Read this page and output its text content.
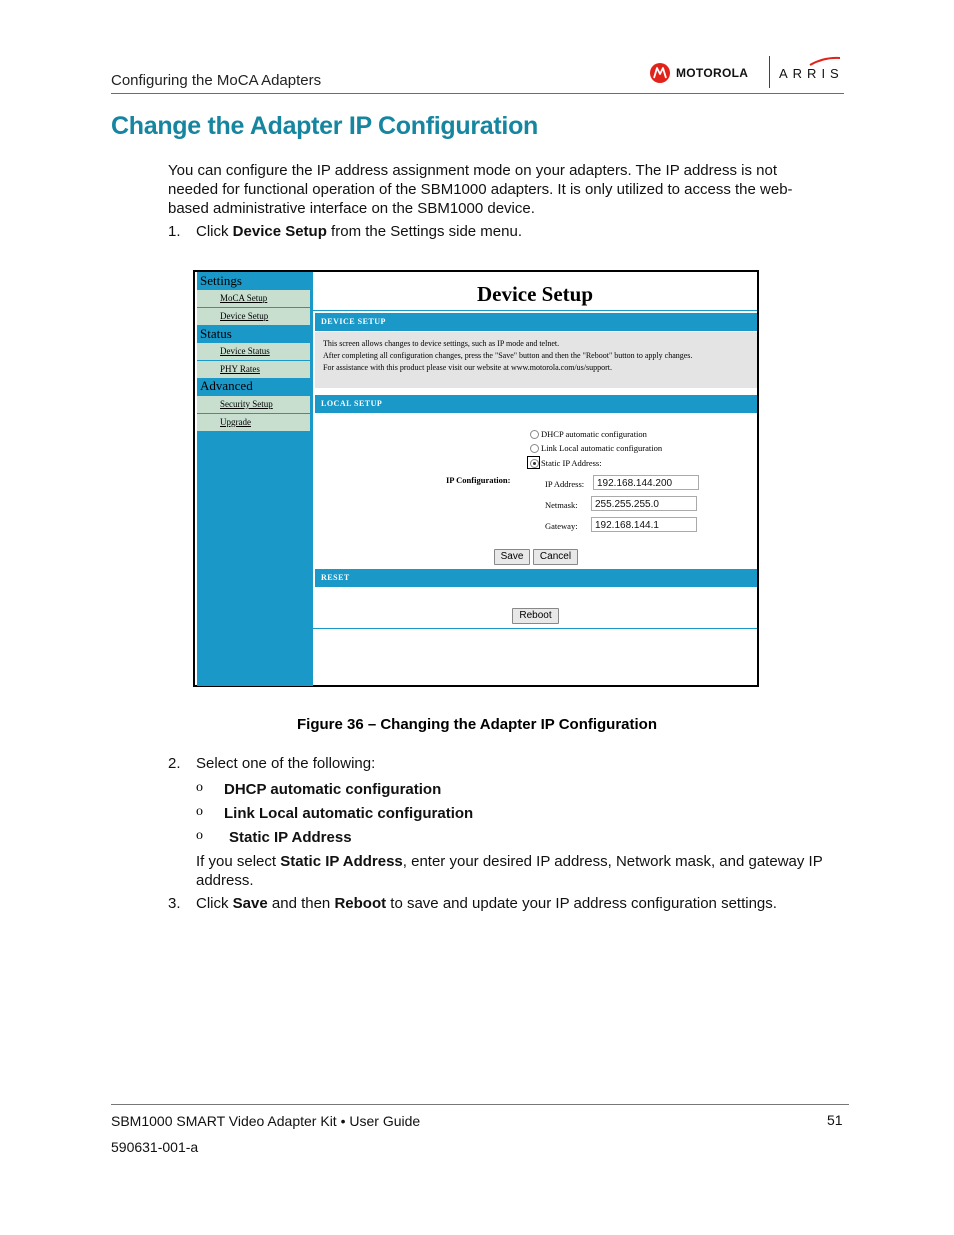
Configuring the MoCA Adapters	MOTOROLA ARRIS
Change the Adapter IP Configuration
You can configure the IP address assignment mode on your adapters. The IP address is not needed for functional operation of the SBM1000 adapters. It is only utilized to access the web-based administrative interface on the SBM1000 device.
1. Click Device Setup from the Settings side menu.
Settings
MoCA Setup
Device Setup
Status
Device Status
PHY Rates
Advanced
Security Setup
Upgrade
Device Setup
DEVICE SETUP
This screen allows changes to device settings, such as IP mode and telnet.
After completing all configuration changes, press the "Save" button and then the "Reboot" button to apply changes.
For assistance with this product please visit our website at www.motorola.com/us/support.
LOCAL SETUP
DHCP automatic configuration
Link Local automatic configuration
Static IP Address:
IP Configuration:	IP Address:	192.168.144.200
Netmask:	255.255.255.0
Gateway:	192.168.144.1
Save	Cancel
RESET
Reboot
Figure 36 – Changing the Adapter IP Configuration
2. Select one of the following:
o DHCP automatic configuration
o Link Local automatic configuration
o Static IP Address
If you select Static IP Address, enter your desired IP address, Network mask, and gateway IP address.
3. Click Save and then Reboot to save and update your IP address configuration settings.
SBM1000 SMART Video Adapter Kit • User Guide	51
590631-001-a
